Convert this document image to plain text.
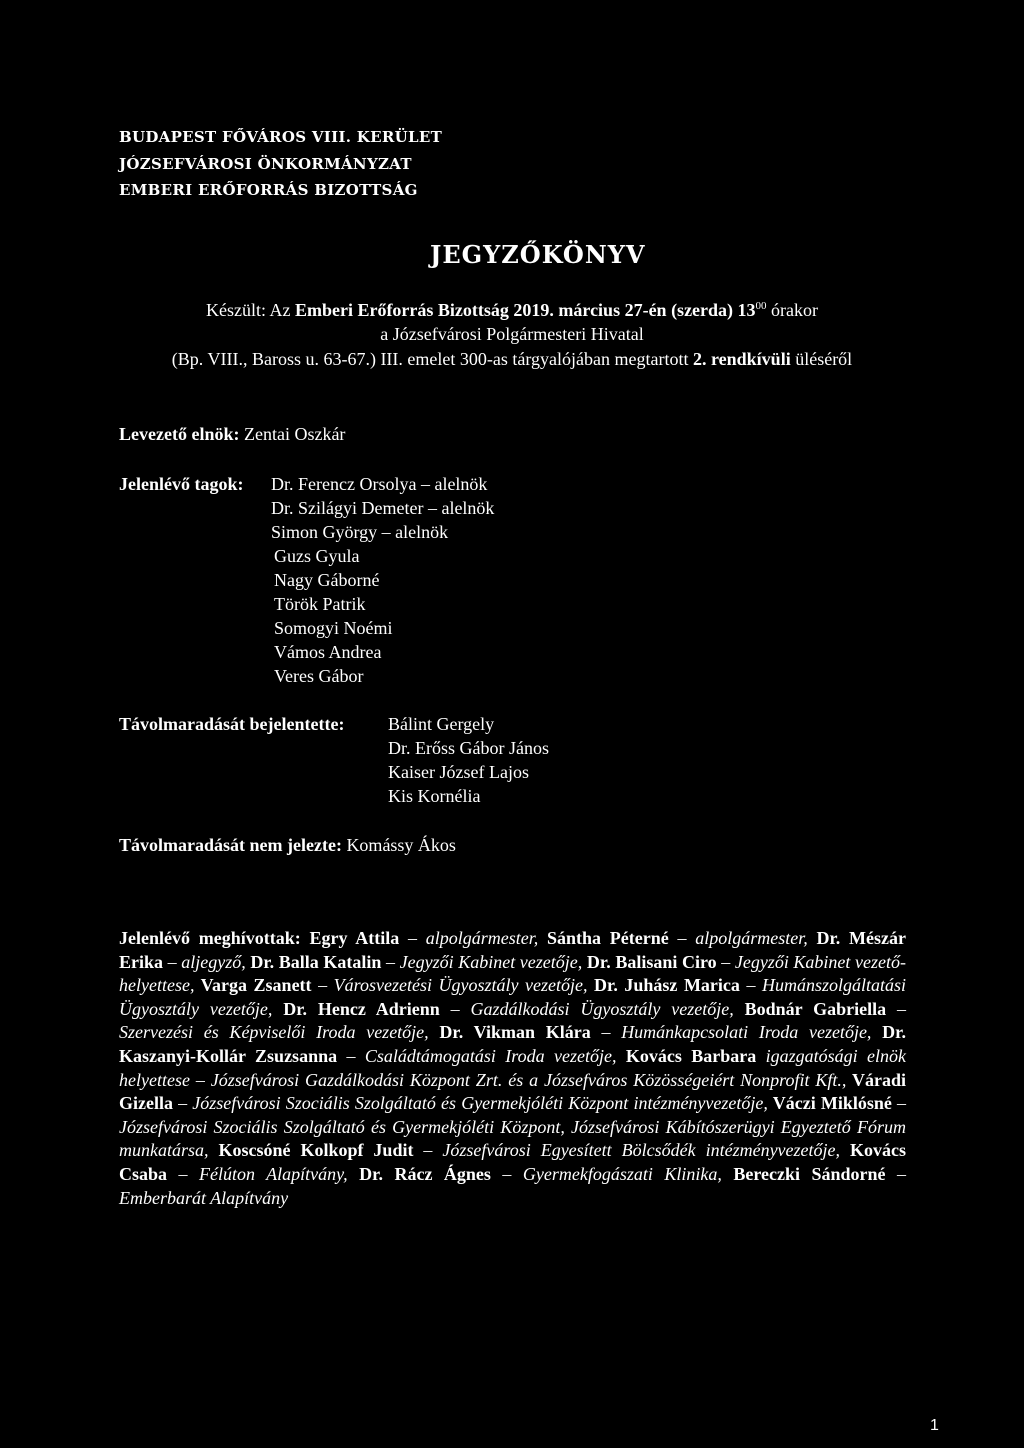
BUDAPEST FŐVÁROS VIII. KERÜLET
JÓZSEFVÁROSI ÖNKORMÁNYZAT
EMBERI ERŐFORRÁS BIZOTTSÁG
JEGYZŐKÖNYV
Készült: Az Emberi Erőforrás Bizottság 2019. március 27-én (szerda) $13^{00}$ órakor
a Józsefvárosi Polgármesteri Hivatal
(Bp. VIII., Baross u. 63-67.) III. emelet 300-as tárgyalójában megtartott 2. rendkívüli üléséről
Levezető elnök: Zentai Oszkár
Jelenlévő tagok: Dr. Ferencz Orsolya – alelnök
Dr. Szilágyi Demeter – alelnök
Simon György – alelnök
Guzs Gyula
Nagy Gáborné
Török Patrik
Somogyi Noémi
Vámos Andrea
Veres Gábor
Távolmaradását bejelentette: Bálint Gergely
Dr. Erőss Gábor János
Kaiser József Lajos
Kis Kornélia
Távolmaradását nem jelezte: Komássy Ákos
Jelenlévő meghívottak: Egry Attila – alpolgármester, Sántha Péterné – alpolgármester, Dr. Mészár Erika – aljegyző, Dr. Balla Katalin – Jegyzői Kabinet vezetője, Dr. Balisani Ciro – Jegyzői Kabinet vezető-helyettese, Varga Zsanett – Városvezetési Ügyosztály vezetője, Dr. Juhász Marica – Humánszolgáltatási Ügyosztály vezetője, Dr. Hencz Adrienn – Gazdálkodási Ügyosztály vezetője, Bodnár Gabriella – Szervezési és Képviselői Iroda vezetője, Dr. Vikman Klára – Humánkapcsolati Iroda vezetője, Dr. Kaszanyi-Kollár Zsuzsanna – Családtámogatási Iroda vezetője, Kovács Barbara igazgatósági elnök helyettese – Józsefvárosi Gazdálkodási Központ Zrt. és a Józsefváros Közösségeiért Nonprofit Kft., Váradi Gizella – Józsefvárosi Szociális Szolgáltató és Gyermekjóléti Központ intézményvezetője, Váczi Miklósné – Józsefvárosi Szociális Szolgáltató és Gyermekjóléti Központ, Józsefvárosi Kábítószerügyi Egyeztető Fórum munkatársa, Koscsóné Kolkopf Judit – Józsefvárosi Egyesített Bölcsődék intézményvezetője, Kovács Csaba – Félúton Alapítvány, Dr. Rácz Ágnes – Gyermekfogászati Klinika, Bereczki Sándorné – Emberbarát Alapítvány
1
